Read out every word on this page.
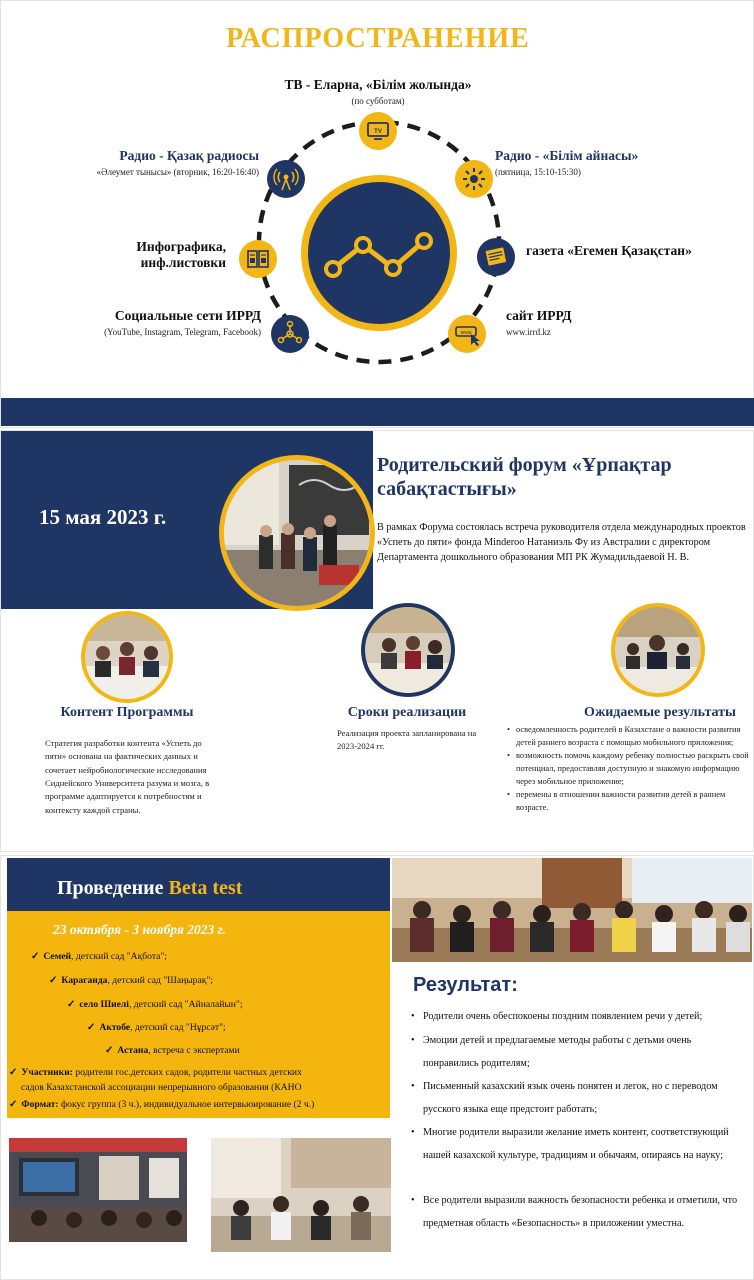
РАСПРОСТРАНЕНИЕ
TV
www
ТВ - Еларна, «Білім жолында»
(по субботам)
Радио - Қазақ радиосы
«Әлеумет тынысы» (вторник, 16:20-16:40)
Радио - «Білім айнасы»
(пятница, 15:10-15:30)
Инфографика,
инф.листовки
газета «Егемен Қазақстан»
Социальные сети ИРРД
(YouTube, Instagram, Telegram, Facebook)
сайт ИРРД
www.irrd.kz
15 мая 2023 г.
Родительский форум «Ұрпақтар сабақтастығы»
В рамках Форума состоялась встреча руководителя отдела международных проектов «Успеть до пяти» фонда Minderoo Натаниэль Фу из Австралии с директором Департамента дошкольного образования МП РК Жумадильдаевой Н. В.
Контент Программы
Стратегия разработки контента «Успеть до пяти» основана на фактических данных и сочетает нейробиологические исследования Сиднейского Университета разума и мозга, в программе адаптируется к потребностям и контексту каждой страны.
Сроки реализации
Реализация проекта запланирована на 2023-2024 гг.
Ожидаемые результаты
• осведомленность родителей в Казахстане о важности развития детей раннего возраста с помощью мобильного приложения;
• возможность помочь каждому ребенку полностью раскрыть свой потенциал, предоставляя доступную и знакомую информацию через мобильное приложение;
• перемены в отношении важности развития детей в раннем возрасте.
Проведение Beta test
23 октября - 3 ноября 2023 г.
✓ Семей, детский сад "Ақбота";
✓ Караганда, детский сад "Шаңырақ";
✓ село Шиелі, детский сад "Айналайын";
✓ Актобе, детский сад "Нұрсәт";
✓ Астана, встреча с экспертами
✓ Участники: родители гос.детских садов, родители частных детских
садов Казахстанской ассоциации непрерывного образования (КАНО
✓ Формат: фокус группа (3 ч.), индивидуальное интервьюирование (2 ч.)
Результат:
• Родители очень обеспокоены поздним появлением речи у детей;
• Эмоции детей и предлагаемые методы работы с детьми очень понравились родителям;
• Письменный казахский язык очень понятен и легок, но с переводом русского языка еще предстоит работать;
• Многие родители выразили желание иметь контент, соответствующий нашей казахской культуре, традициям и обычаям, опираясь на науку;
• Все родители выразили важность безопасности ребенка и отметили, что предметная область «Безопасность» в приложении уместна.
